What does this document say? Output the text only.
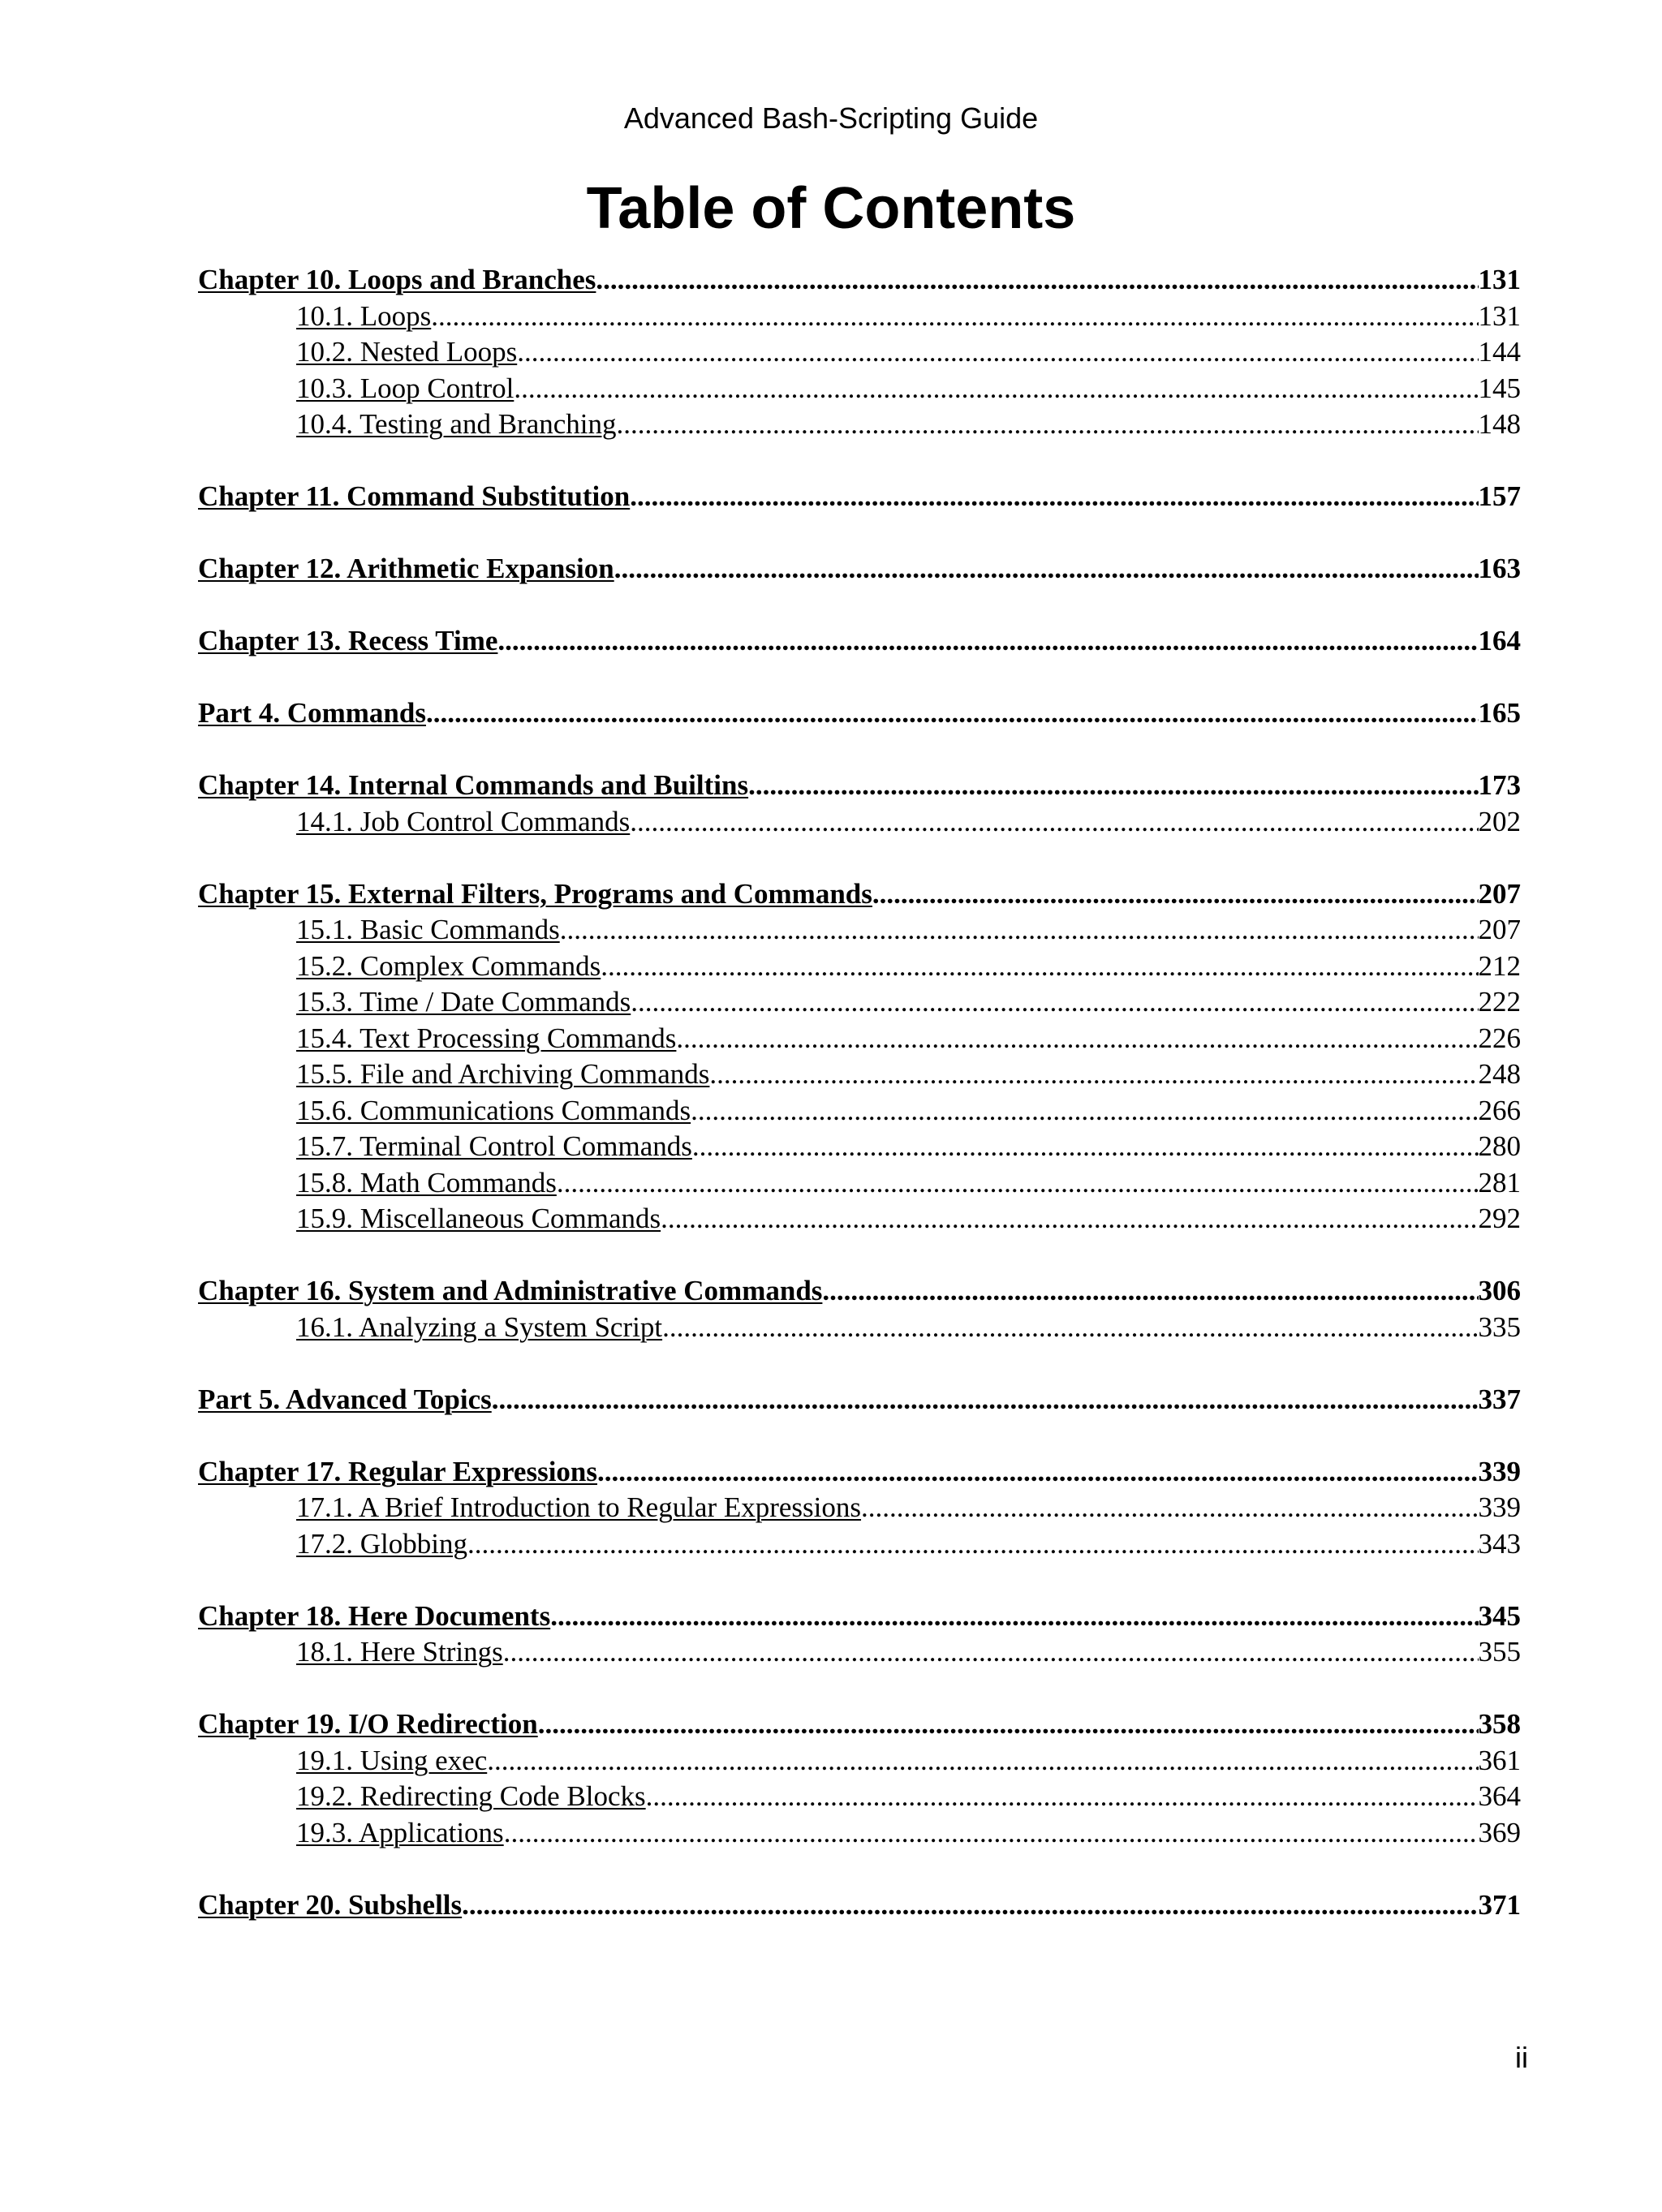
Advanced Bash-Scripting Guide
Table of Contents
Chapter 10. Loops and Branches .....	131
10.1. Loops .....	131
10.2. Nested Loops .....	144
10.3. Loop Control .....	145
10.4. Testing and Branching .....	148
Chapter 11. Command Substitution .....	157
Chapter 12. Arithmetic Expansion .....	163
Chapter 13. Recess Time .....	164
Part 4. Commands .....	165
Chapter 14. Internal Commands and Builtins .....	173
14.1. Job Control Commands .....	202
Chapter 15. External Filters, Programs and Commands .....	207
15.1. Basic Commands .....	207
15.2. Complex Commands .....	212
15.3. Time / Date Commands .....	222
15.4. Text Processing Commands .....	226
15.5. File and Archiving Commands .....	248
15.6. Communications Commands .....	266
15.7. Terminal Control Commands .....	280
15.8. Math Commands .....	281
15.9. Miscellaneous Commands .....	292
Chapter 16. System and Administrative Commands .....	306
16.1. Analyzing a System Script .....	335
Part 5. Advanced Topics .....	337
Chapter 17. Regular Expressions .....	339
17.1. A Brief Introduction to Regular Expressions .....	339
17.2. Globbing .....	343
Chapter 18. Here Documents .....	345
18.1. Here Strings .....	355
Chapter 19. I/O Redirection .....	358
19.1. Using exec .....	361
19.2. Redirecting Code Blocks .....	364
19.3. Applications .....	369
Chapter 20. Subshells .....	371
ii
